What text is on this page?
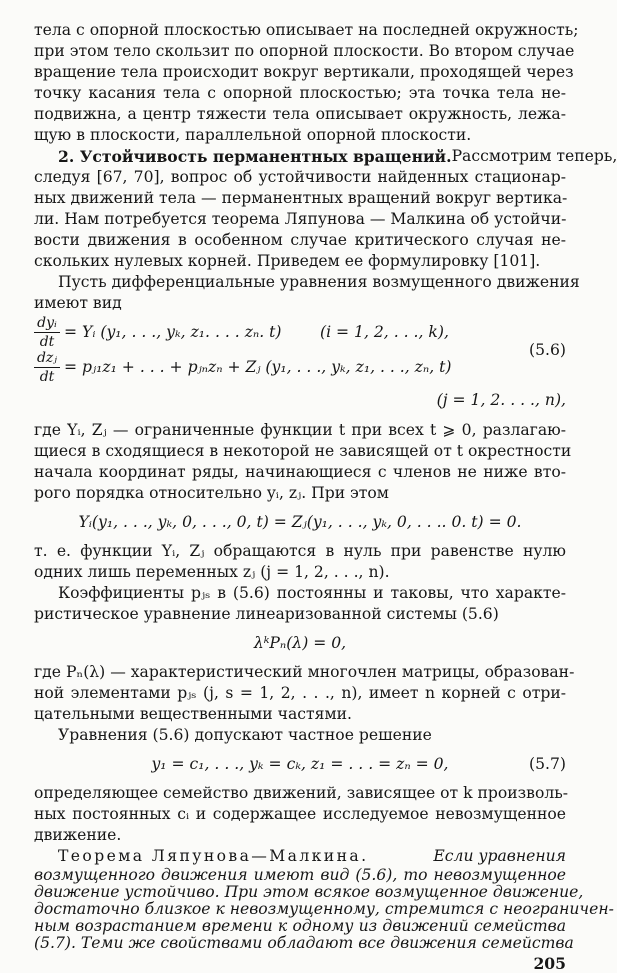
тела с опорной плоскостью описывает на последней окружность;
при этом тело скользит по опорной плоскости. Во втором случае
вращение тела происходит вокруг вертикали, проходящей через
точку касания тела с опорной плоскостью; эта точка тела не-
подвижна, а центр тяжести тела описывает окружность, лежа-
щую в плоскости, параллельной опорной плоскости.
2. Устойчивость перманентных вращений. Рассмотрим теперь,
следуя [67, 70], вопрос об устойчивости найденных стационар-
ных движений тела — перманентных вращений вокруг вертика-
ли. Нам потребуется теорема Ляпунова — Малкина об устойчи-
вости движения в особенном случае критического случая не-
скольких нулевых корней. Приведем ее формулировку [101].
Пусть дифференциальные уравнения возмущенного движения
имеют вид
dyᵢ
dt
= Yᵢ (y₁, . . ., yₖ, z₁. . . . zₙ. t) (i = 1, 2, . . ., k),
dzⱼ
dt
= pⱼ₁z₁ + . . . + pⱼₙzₙ + Zⱼ (y₁, . . ., yₖ, z₁, . . ., zₙ, t)
(5.6)
(j = 1, 2. . . ., n),
где Yᵢ, Zⱼ — ограниченные функции t при всех t ⩾ 0, разлагаю-
щиеся в сходящиеся в некоторой не зависящей от t окрестности
начала координат ряды, начинающиеся с членов не ниже вто-
рого порядка относительно yᵢ, zⱼ. При этом
Yᵢ(y₁, . . ., yₖ, 0, . . ., 0, t) = Zⱼ(y₁, . . ., yₖ, 0, . . .. 0. t) = 0.
т. е. функции Yᵢ, Zⱼ обращаются в нуль при равенстве нулю
одних лишь переменных zⱼ (j = 1, 2, . . ., n).
Коэффициенты pⱼₛ в (5.6) постоянны и таковы, что характе-
ристическое уравнение линеаризованной системы (5.6)
λᵏPₙ(λ) = 0,
где Pₙ(λ) — характеристический многочлен матрицы, образован-
ной элементами pⱼₛ (j, s = 1, 2, . . ., n), имеет n корней с отри-
цательными вещественными частями.
Уравнения (5.6) допускают частное решение
y₁ = c₁, . . ., yₖ = cₖ, z₁ = . . . = zₙ = 0,	(5.7)
определяющее семейство движений, зависящее от k произволь-
ных постоянных cᵢ и содержащее исследуемое невозмущенное
движение.
Теорема Ляпунова—Малкина.	Если уравнения
возмущенного движения имеют вид (5.6), то невозмущенное
205
движение устойчиво. При этом всякое возмущенное движение,
достаточно близкое к невозмущенному, стремится с неограничен-
ным возрастанием времени к одному из движений семейства
(5.7). Теми же свойствами обладают все движения семейства
